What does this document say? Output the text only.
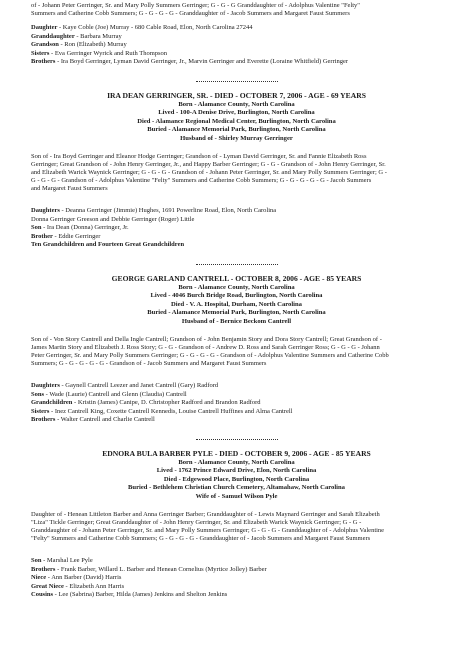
of - Johann Peter Gerringer, Sr. and Mary Polly Summers Gerringer; G - G - G Granddaughter of - Adolphus Valentine "Felty"

Summers and Catherine Cobb Summers; G - G - G - G - Granddaughter of - Jacob Summers and Margaret Faust Summers

Daughter - Kaye Coble (Joe) Murray - 680 Cable Road, Elon, North Carolina 27244

Granddaughter - Barbara Murray

Grandson - Ron (Elizabeth) Murray

Sisters - Eva Gerringer Wyrick and Ruth Thompson

Brothers - Ira Boyd Gerringer, Lyman David Gerringer, Jr., Marvin Gerringer and Everette (Loraine Whitfield) Gerringer

IRA DEAN GERRINGER, SR. - DIED - OCTOBER 7, 2006 - AGE - 69 YEARS
Born - Alamance County, North Carolina
Lived - 100-A Denise Drive, Burlington, North Carolina
Died - Alamance Regional Medical Center, Burlington, North Carolina
Buried - Alamance Memorial Park, Burlington, North Carolina
Husband of - Shirley Murray Gerringer

Son of - Ira Boyd Gerringer and Eleanor Hodge Gerringer; Grandson of - Lyman David Gerringer, Sr. and Fannie Elizabeth Ross

Gerringer; Great Grandson of - John Henry Gerringer, Jr., and Happy Barber Gerringer; G - G - Grandson of - John Henry Gerringer, Sr.

and Elizabeth Warick Waynick Gerringer; G - G - G - Grandson of - Johann Peter Gerringer, Sr. and Mary Polly Summers Gerringer; G -

G - G - G - Grandson of - Adolphus Valentine "Felty" Summers and Catherine Cobb Summers; G - G - G - G - G - Jacob Summers

and Margaret Faust Summers

Daughters - Deanna Gerringer (Jimmie) Hughes, 1691 Powerline Road, Elon, North Carolina

Donna Gerringer Greeson and Debbie Gerringer (Roger) Little

Son - Ira Dean (Donna) Gerringer, Jr.

Brother - Eddie Gerringer

Ten Grandchildren and Fourteen Great Grandchildren

GEORGE GARLAND CANTRELL - OCTOBER 8, 2006 - AGE - 85 YEARS
Born - Alamance County, North Carolina
Lived - 4046 Burch Bridge Road, Burlington, North Carolina
Died - V. A. Hospital, Durham, North Carolina
Buried - Alamance Memorial Park, Burlington, North Carolina
Husband of - Bernice Beckom Cantrell

Son of - Von Story Cantrell and Della Ingle Cantrell; Grandson of - John Benjamin Story and Dora Story Cantrell; Great Grandson of -

James Martin Story and Elizabeth J. Ross Story; G - G - Grandson of - Andrew D. Ross and Sarah Gerringer Ross; G - G - G - Johann

Peter Gerringer, Sr. and Mary Polly Summers Gerringer; G - G - G - G - Grandson of - Adolphus Valentine Summers and Catherine Cobb

Summers; G - G - G - G - G - Grandson of - Jacob Summers and Margaret Faust Summers

Daughters - Gaynell Cantrell Leezer and Janet Cantrell (Gary) Radford

Sons - Wade (Laurie) Cantrell and Glenn (Claudia) Cantrell

Grandchildren - Kristin (James) Canipe, D. Christopher Radford and Brandon Radford

Sisters - Inez Cantrell King, Coxette Cantrell Kennedis, Louise Cantrell Huffines and Alma Cantrell

Brothers - Walter Cantrell and Charlie Cantrell

EDNORA BULA BARBER PYLE - DIED - OCTOBER 9, 2006 - AGE - 85 YEARS
Born - Alamance County, North Carolina
Lived - 1762 Prince Edward Drive, Elon, North Carolina
Died - Edgewood Place, Burlington, North Carolina
Buried - Bethlehem Christian Church Cemetery, Altamahaw, North Carolina
Wife of - Samuel Wilson Pyle

Daughter of - Henean Littleton Barber and Anna Gerringer Barber; Granddaughter of - Lewis Maynard Gerringer and Sarah Elizabeth

"Liza" Tickle Gerringer; Great Granddaughter of - John Henry Gerringer, Sr. and Elizabeth Warick Waynick Gerringer; G - G -

Granddaughter of - Johann Peter Gerringer, Sr. and Mary Polly Summers Gerringer; G - G - G - Granddaughter of - Adolphus Valentine

"Felty" Summers and Catherine Cobb Summers; G - G - G - G - Granddaughter of - Jacob Summers and Margaret Faust Summers

Son - Marshal Lee Pyle

Brothers - Frank Barber, Willard L. Barber and Henean Cornelius (Myrtice Jolley) Barber

Niece - Ann Barber (David) Harris

Great Niece - Elizabeth Ann Harris

Cousins - Lee (Sabrina) Barber, Hilda (James) Jenkins and Shelton Jenkins
